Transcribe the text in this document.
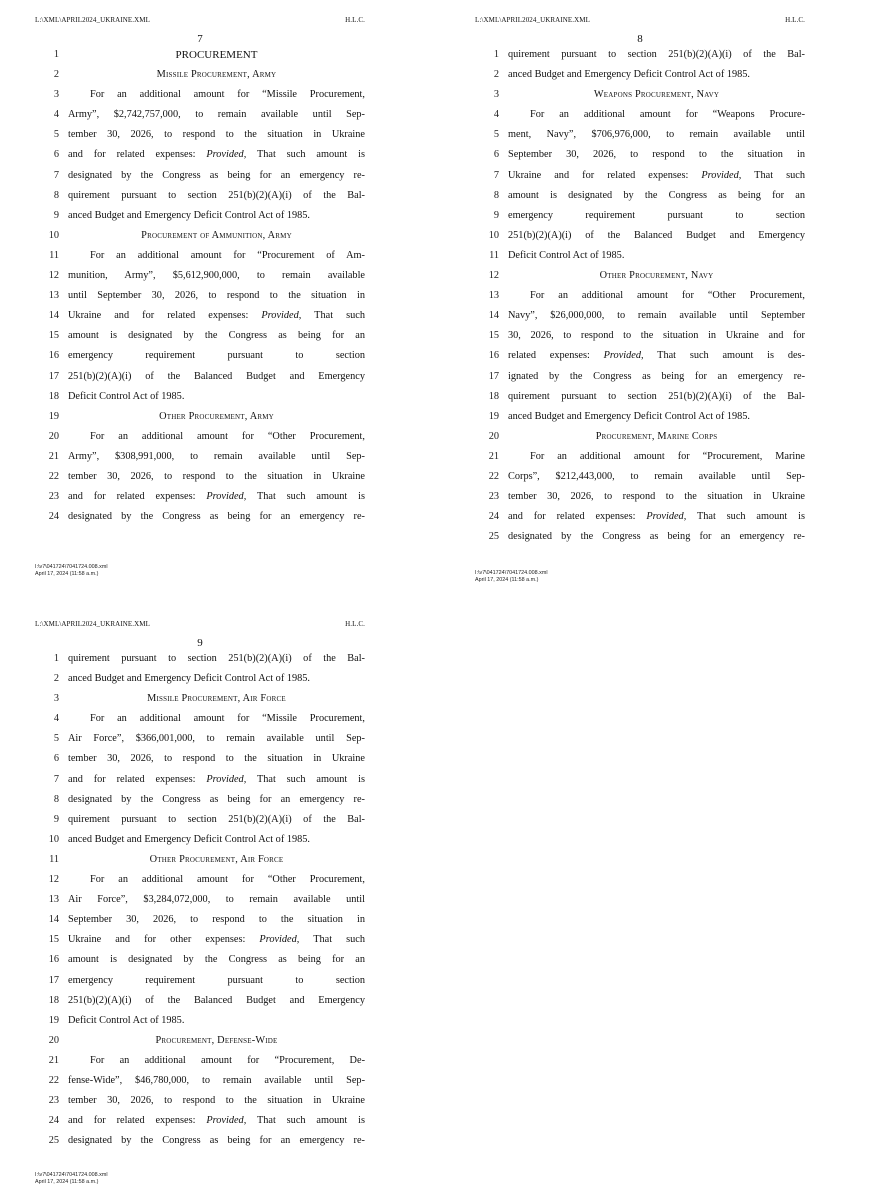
L:\XML\APRIL2024_UKRAINE.XML	H.L.C.
7
1	PROCUREMENT
2	Missile Procurement, Army
3	For an additional amount for “Missile Procurement,
4 Army”, $2,742,757,000, to remain available until Sep-
5 tember 30, 2026, to respond to the situation in Ukraine
6 and for related expenses: Provided, That such amount is
7 designated by the Congress as being for an emergency re-
8 quirement pursuant to section 251(b)(2)(A)(i) of the Bal-
9 anced Budget and Emergency Deficit Control Act of 1985.
10	Procurement of Ammunition, Army
11	For an additional amount for “Procurement of Am-
12 munition, Army”, $5,612,900,000, to remain available
13 until September 30, 2026, to respond to the situation in
14 Ukraine and for related expenses: Provided, That such
15 amount is designated by the Congress as being for an
16 emergency requirement pursuant to section
17 251(b)(2)(A)(i) of the Balanced Budget and Emergency
18 Deficit Control Act of 1985.
19	Other Procurement, Army
20	For an additional amount for “Other Procurement,
21 Army”, $308,991,000, to remain available until Sep-
22 tember 30, 2026, to respond to the situation in Ukraine
23 and for related expenses: Provided, That such amount is
24 designated by the Congress as being for an emergency re-
I:\v7\041724\7041724.008.xml
April 17, 2024 (11:58 a.m.)
L:\XML\APRIL2024_UKRAINE.XML	H.L.C.
8
1 quirement pursuant to section 251(b)(2)(A)(i) of the Bal-
2 anced Budget and Emergency Deficit Control Act of 1985.
3	Weapons Procurement, Navy
4	For an additional amount for “Weapons Procure-
5 ment, Navy”, $706,976,000, to remain available until
6 September 30, 2026, to respond to the situation in
7 Ukraine and for related expenses: Provided, That such
8 amount is designated by the Congress as being for an
9 emergency requirement pursuant to section
10 251(b)(2)(A)(i) of the Balanced Budget and Emergency
11 Deficit Control Act of 1985.
12	Other Procurement, Navy
13	For an additional amount for “Other Procurement,
14 Navy”, $26,000,000, to remain available until September
15 30, 2026, to respond to the situation in Ukraine and for
16 related expenses: Provided, That such amount is des-
17 ignated by the Congress as being for an emergency re-
18 quirement pursuant to section 251(b)(2)(A)(i) of the Bal-
19 anced Budget and Emergency Deficit Control Act of 1985.
20	Procurement, Marine Corps
21	For an additional amount for “Procurement, Marine
22 Corps”, $212,443,000, to remain available until Sep-
23 tember 30, 2026, to respond to the situation in Ukraine
24 and for related expenses: Provided, That such amount is
25 designated by the Congress as being for an emergency re-
I:\v7\041724\7041724.008.xml
April 17, 2024 (11:58 a.m.)
L:\XML\APRIL2024_UKRAINE.XML	H.L.C.
9
1 quirement pursuant to section 251(b)(2)(A)(i) of the Bal-
2 anced Budget and Emergency Deficit Control Act of 1985.
3	Missile Procurement, Air Force
4	For an additional amount for “Missile Procurement,
5 Air Force”, $366,001,000, to remain available until Sep-
6 tember 30, 2026, to respond to the situation in Ukraine
7 and for related expenses: Provided, That such amount is
8 designated by the Congress as being for an emergency re-
9 quirement pursuant to section 251(b)(2)(A)(i) of the Bal-
10 anced Budget and Emergency Deficit Control Act of 1985.
11	Other Procurement, Air Force
12	For an additional amount for “Other Procurement,
13 Air Force”, $3,284,072,000, to remain available until
14 September 30, 2026, to respond to the situation in
15 Ukraine and for other expenses: Provided, That such
16 amount is designated by the Congress as being for an
17 emergency requirement pursuant to section
18 251(b)(2)(A)(i) of the Balanced Budget and Emergency
19 Deficit Control Act of 1985.
20	Procurement, Defense-Wide
21	For an additional amount for “Procurement, De-
22 fense-Wide”, $46,780,000, to remain available until Sep-
23 tember 30, 2026, to respond to the situation in Ukraine
24 and for related expenses: Provided, That such amount is
25 designated by the Congress as being for an emergency re-
I:\v7\041724\7041724.008.xml
April 17, 2024 (11:58 a.m.)
